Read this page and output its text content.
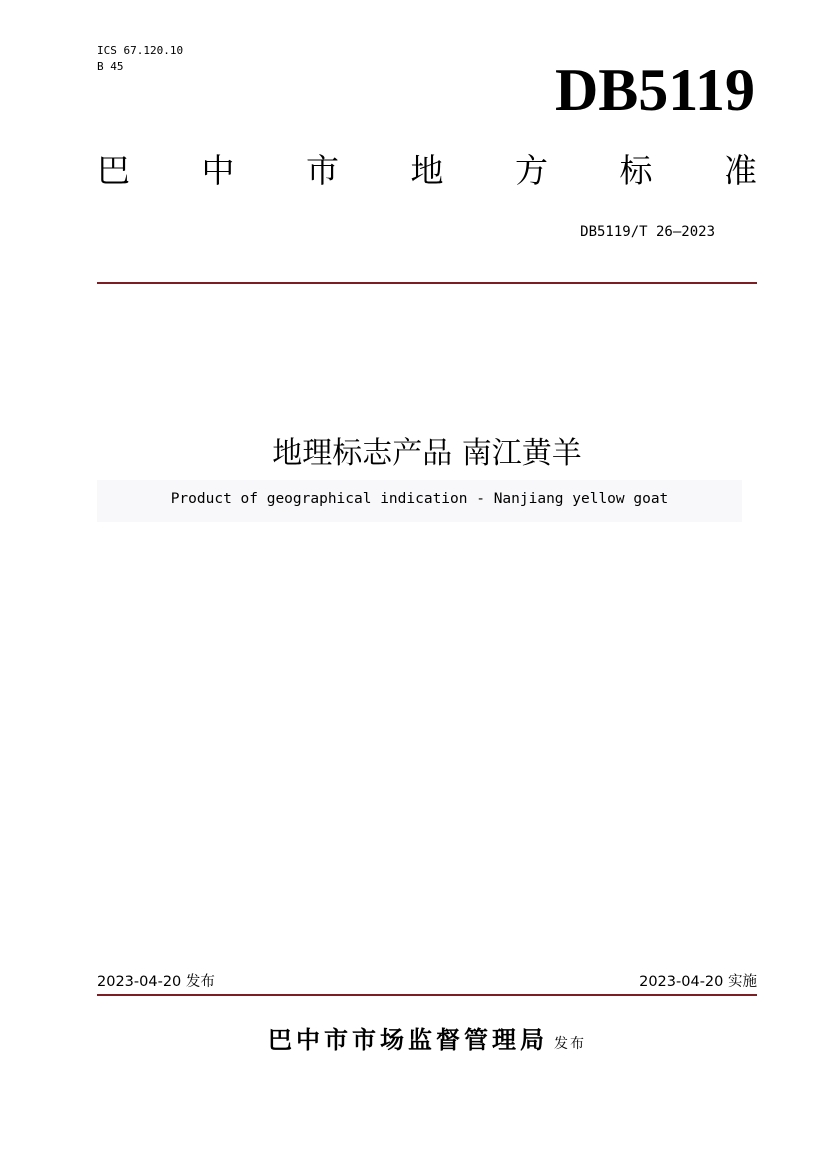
ICS 67.120.10
B 45	DB5119
巴 中 市 地 方 标 准
DB5119/T 26—2023
地理标志产品 南江黄羊
Product of geographical indication - Nanjiang yellow goat
2023-04-20 发布	2023-04-20 实施
巴中市市场监督管理局 发布
